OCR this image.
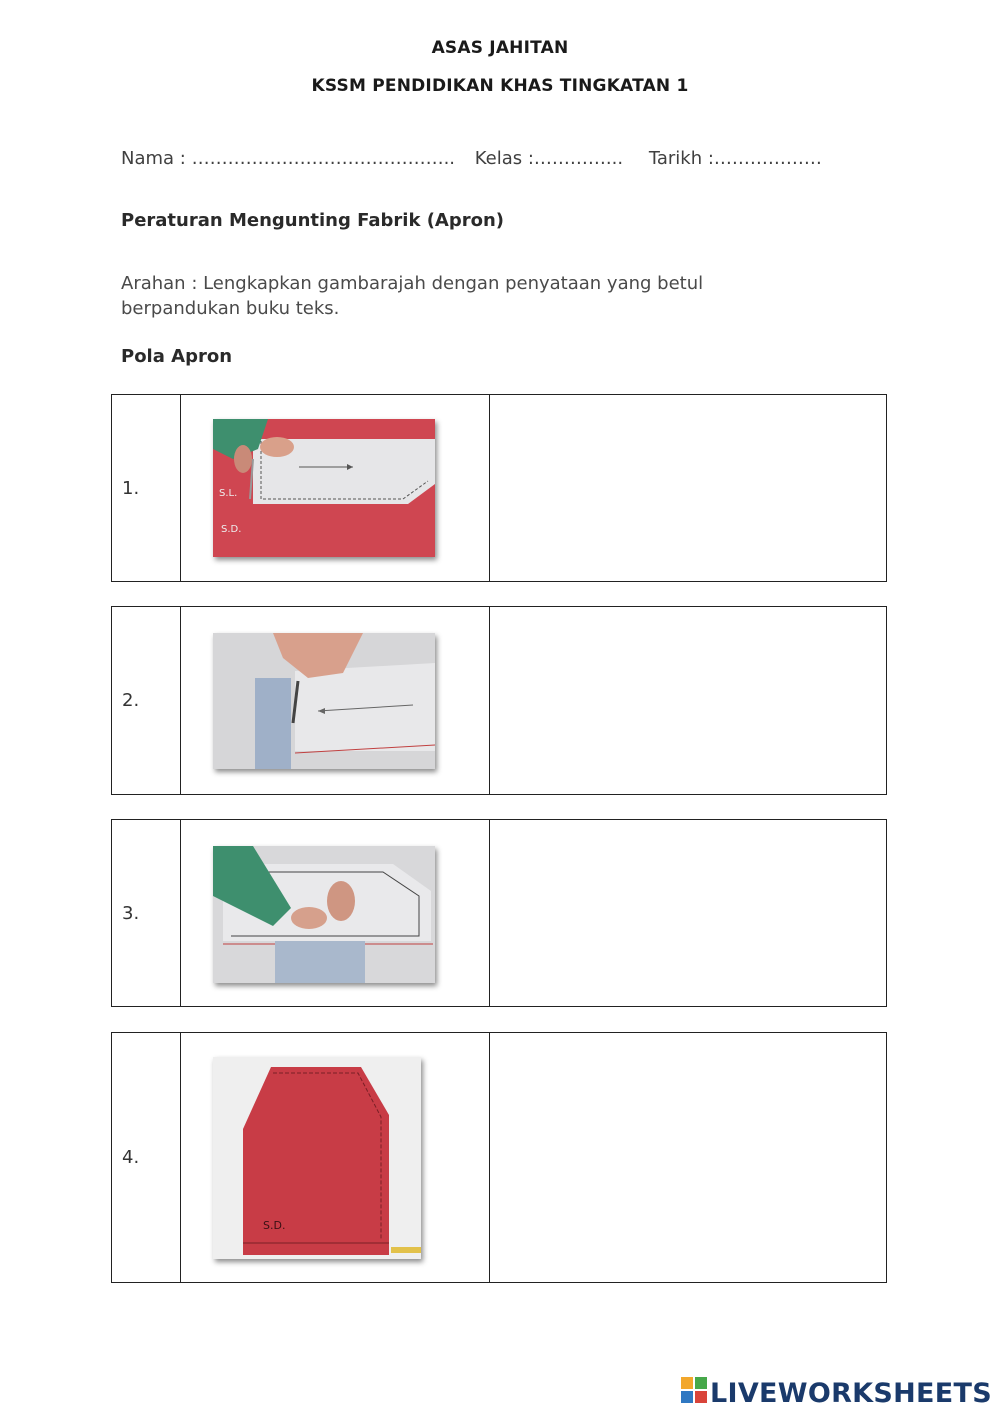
ASAS JAHITAN
KSSM PENDIDIKAN KHAS TINGKATAN 1
Nama : …………………………………….. Kelas :…………... Tarikh :………………
Peraturan Mengunting Fabrik (Apron)
Arahan : Lengkapkan gambarajah dengan penyataan yang betul berpandukan buku teks.
Pola Apron
1.	S.L.
S.D.
2.
3.
4.
S.D.
LIVEWORKSHEETS
